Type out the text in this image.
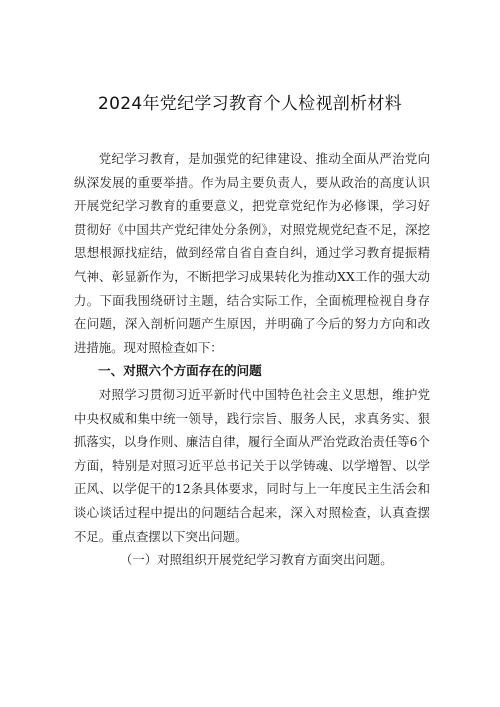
2024年党纪学习教育个人检视剖析材料

党纪学习教育，是加强党的纪律建设、推动全面从严治党向纵深发展的重要举措。作为局主要负责人，要从政治的高度认识开展党纪学习教育的重要意义，把党章党纪作为必修课，学习好贯彻好《中国共产党纪律处分条例》，对照党规党纪查不足，深挖思想根源找症结，做到经常自省自查自纠，通过学习教育提振精气神、彰显新作为，不断把学习成果转化为推动XX工作的强大动力。下面我围绕研讨主题，结合实际工作，全面梳理检视自身存在问题，深入剖析问题产生原因，并明确了今后的努力方向和改进措施。现对照检查如下：

一、对照六个方面存在的问题

对照学习贯彻习近平新时代中国特色社会主义思想，维护党中央权威和集中统一领导，践行宗旨、服务人民，求真务实、狠抓落实，以身作则、廉洁自律，履行全面从严治党政治责任等6个方面，特别是对照习近平总书记关于以学铸魂、以学增智、以学正风、以学促干的12条具体要求，同时与上一年度民主生活会和谈心谈话过程中提出的问题结合起来，深入对照检查，认真查摆不足。重点查摆以下突出问题。

（一）对照组织开展党纪学习教育方面突出问题。
